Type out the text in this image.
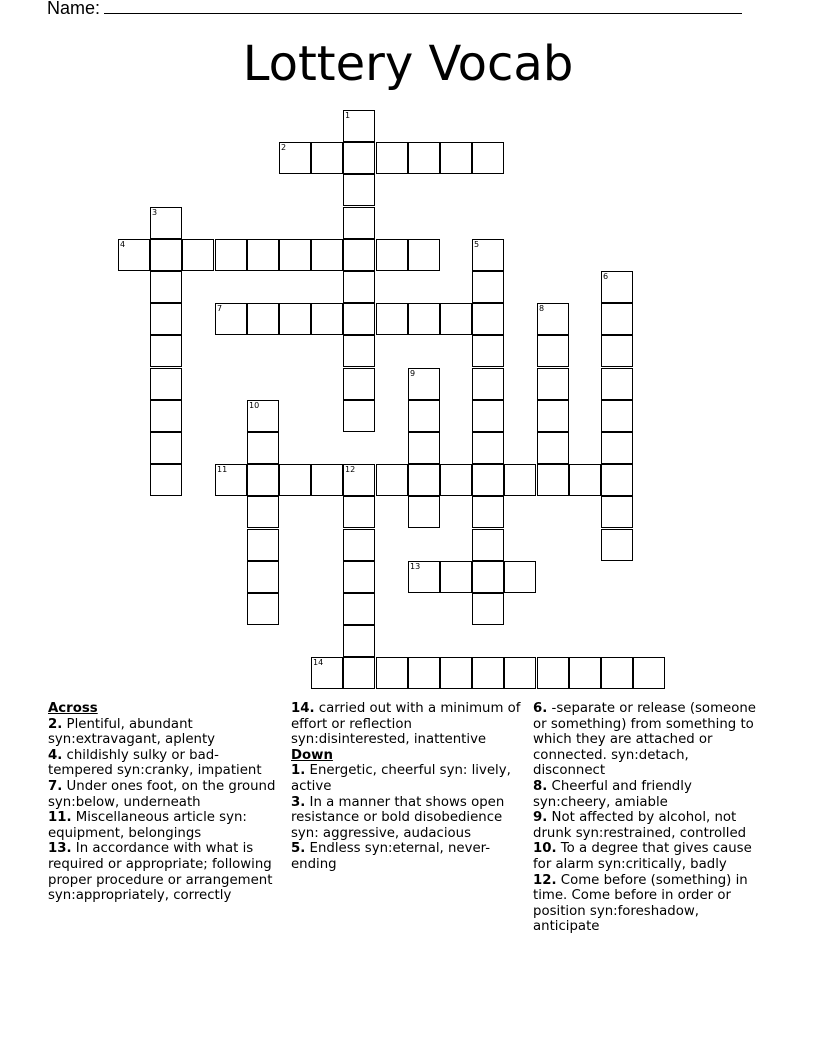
Name:
Lottery Vocab
1
2
3
4	5
6
7	8
9
10
11	12
13
14
Across
2. Plentiful, abundant syn:extravagant, aplenty
4. childishly sulky or bad-tempered syn:cranky, impatient
7. Under ones foot, on the ground syn:below, underneath
11. Miscellaneous article syn: equipment, belongings
13. In accordance with what is required or appropriate; following proper procedure or arrangement syn:appropriately, correctly
14. carried out with a minimum of effort or reflection syn:disinterested, inattentive
Down
1. Energetic, cheerful syn: lively, active
3. In a manner that shows open resistance or bold disobedience syn: aggressive, audacious
5. Endless syn:eternal, never-ending
6. -separate or release (someone or something) from something to which they are attached or connected. syn:detach, disconnect
8. Cheerful and friendly syn:cheery, amiable
9. Not affected by alcohol, not drunk syn:restrained, controlled
10. To a degree that gives cause for alarm syn:critically, badly
12. Come before (something) in time. Come before in order or position syn:foreshadow, anticipate
